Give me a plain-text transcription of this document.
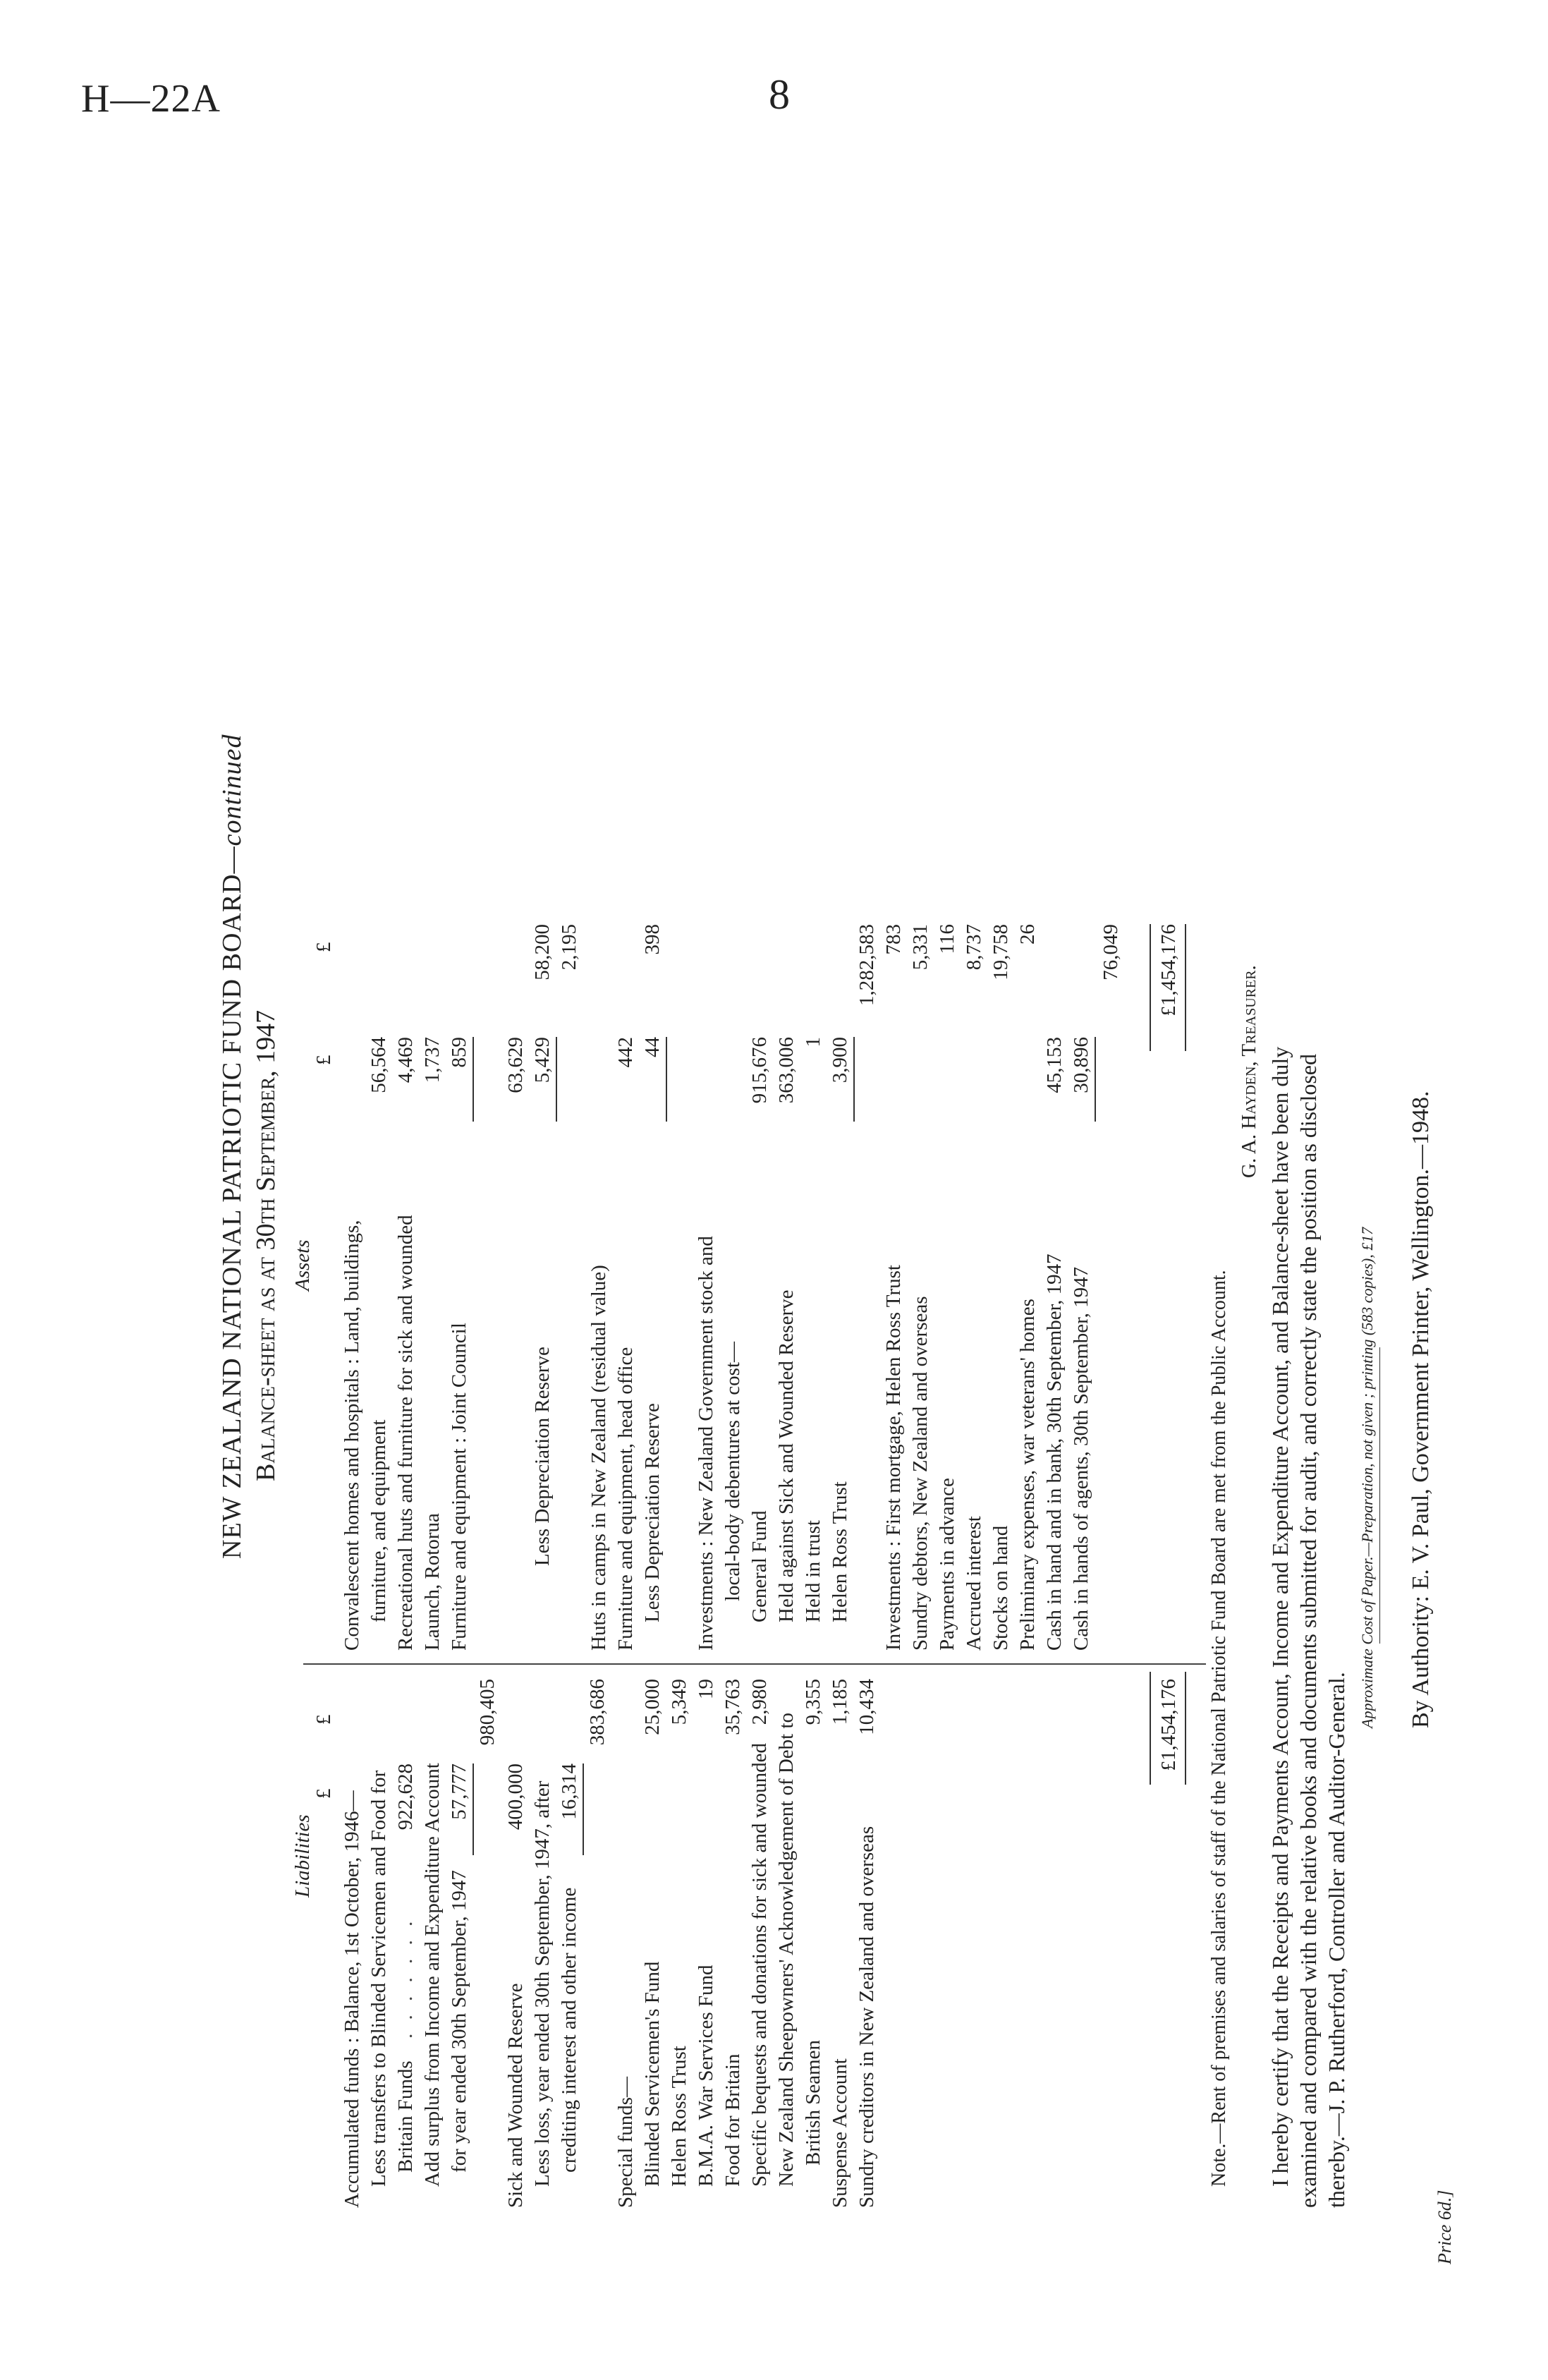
H—22A	8
NEW ZEALAND NATIONAL PATRIOTIC FUND BOARD—continued
Balance-sheet as at 30th September, 1947
Liabilities
£
£
Accumulated funds : Balance, 1st October, 1946— Less transfers to Blinded Servicemen and Food for Britain Funds
. . . . . . .
922,628 Add surplus from Income and Expenditure Account for year ended 30th September, 1947
57,777
980,405
Sick and Wounded Reserve
400,000 Less loss, year ended 30th September, 1947, after crediting interest and other income
16,314
383,686
Special funds— Blinded Servicemen's Fund
25,000
Helen Ross Trust
5,349
B.M.A. War Services Fund
19
Food for Britain
35,763
Specific bequests and donations for sick and wounded
2,980
New Zealand Sheepowners' Acknowledgement of Debt to British Seamen
9,355
Suspense Account
1,185
Sundry creditors in New Zealand and overseas
10,434	£1,454,176
Assets
£
£
Convalescent homes and hospitals : Land, buildings, furniture, and equipment
56,564
Recreational huts and furniture for sick and wounded
4,469
Launch, Rotorua
1,737
Furniture and equipment : Joint Council
859 63,629
Less Depreciation Reserve
5,429
58,200
Huts in camps in New Zealand (residual value)
2,195
Furniture and equipment, head office
442
Less Depreciation Reserve
44
398
Investments : New Zealand Government stock and local-body debentures at cost— General Fund
915,676
Held against Sick and Wounded Reserve
363,006
Held in trust
1
Helen Ross Trust
3,900
1,282,583
Investments : First mortgage, Helen Ross Trust
783
Sundry debtors, New Zealand and overseas
5,331
Payments in advance
116
Accrued interest
8,737
Stocks on hand
19,758
Preliminary expenses, war veterans' homes
26
Cash in hand and in bank, 30th September, 1947
45,153
Cash in hands of agents, 30th September, 1947
30,896
76,049 £1,454,176
Note.—Rent of premises and salaries of staff of the National Patriotic Fund Board are met from the Public Account.
G. A. Hayden, Treasurer. I hereby certify that the Receipts and Payments Account, Income and Expenditure Account, and Balance-sheet have been duly examined and compared with the relative books and documents submitted for audit, and correctly state the position as disclosed thereby.—J. P. Rutherford, Controller and Auditor-General.
Approximate Cost of Paper.—Preparation, not given ; printing (583 copies), £17 By Authority: E. V. Paul, Government Printer, Wellington.—1948.
Price 6d.]
